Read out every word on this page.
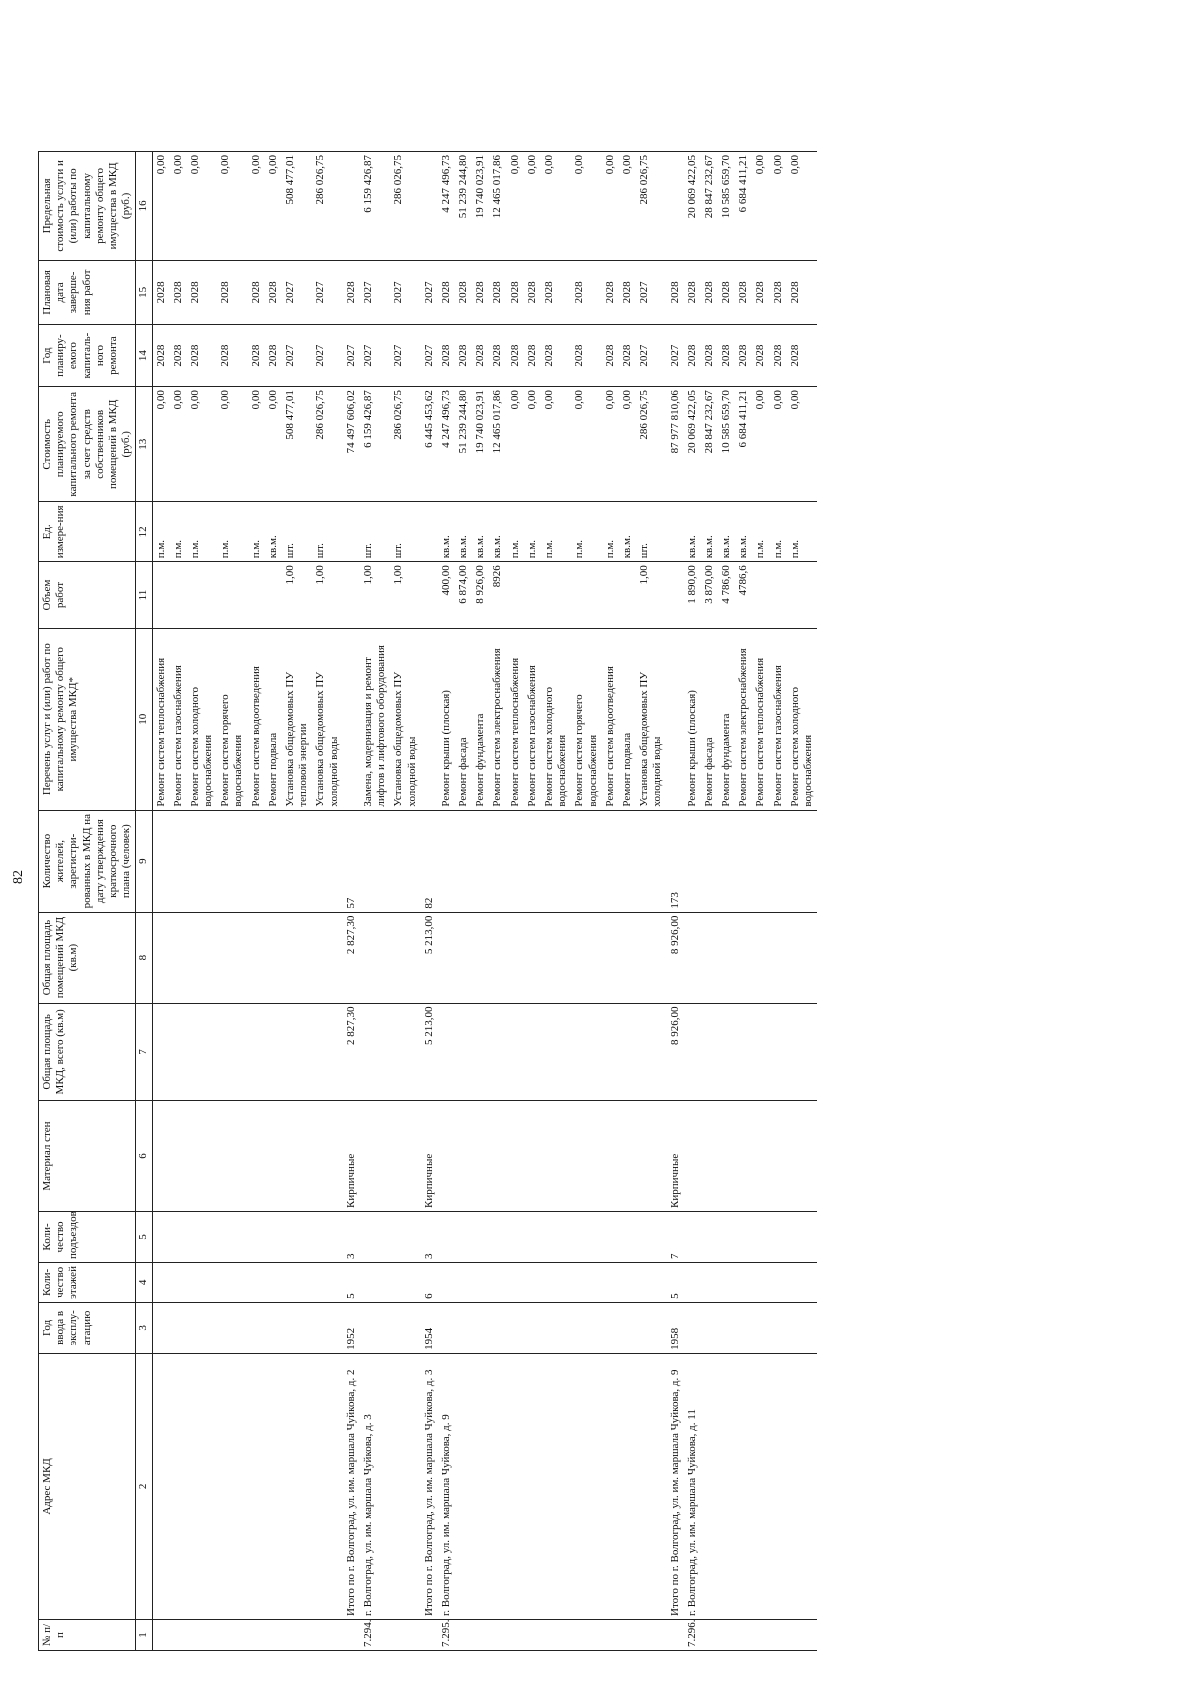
82
№ п/п	Адрес МКД	Год ввода в эксплу-атацию	Коли-чество этажей	Коли-чество подъездов	Материал стен	Общая площадь МКД, всего (кв.м)	Общая площадь помещений МКД (кв.м)	Количество жителей, зарегистри-рованных в МКД на дату утверждения краткосрочного плана (человек)	Перечень услуг и (или) работ по капитальному ремонту общего имущества МКД*	Объем работ	Ед. измере-ния	Стоимость планируемого капитального ремонта за счет средств собственников помещений в МКД (руб.)	Год планиру-емого капиталь-ного ремонта	Плановая дата заверше-ния работ	Предельная стоимость услуги и (или) работы по капитальному ремонту общего имущества в МКД (руб.)
1	2	3	4	5	6	7	8	9	10	11	12	13	14	15	16
									Ремонт систем теплоснабжения		п.м.	0,00	2028	2028	0,00
									Ремонт систем газоснабжения		п.м.	0,00	2028	2028	0,00
									Ремонт систем холодного водоснабжения		п.м.	0,00	2028	2028	0,00
									Ремонт систем горячего водоснабжения		п.м.	0,00	2028	2028	0,00
									Ремонт систем водоотведения		п.м.	0,00	2028	2028	0,00
									Ремонт подвала		кв.м.	0,00	2028	2028	0,00
									Установка общедомовых ПУ тепловой энергии	1,00	шт.	508 477,01	2027	2027	508 477,01
									Установка общедомовых ПУ холодной воды	1,00	шт.	286 026,75	2027	2027	286 026,75
	Итого по г. Волгоград, ул. им. маршала Чуйкова, д. 2	1952	5	3	Кирпичные	2 827,30	2 827,30	57				74 497 606,02	2027	2028	
7.294.	г. Волгоград, ул. им. маршала Чуйкова, д. 3								Замена, модернизация и ремонт лифтов и лифтового оборудования	1,00	шт.	6 159 426,87	2027	2027	6 159 426,87
									Установка общедомовых ПУ холодной воды	1,00	шт.	286 026,75	2027	2027	286 026,75
	Итого по г. Волгоград, ул. им. маршала Чуйкова, д. 3	1954	6	3	Кирпичные	5 213,00	5 213,00	82				6 445 453,62	2027	2027	
7.295.	г. Волгоград, ул. им. маршала Чуйкова, д. 9								Ремонт крыши (плоская)	400,00	кв.м.	4 247 496,73	2028	2028	4 247 496,73
									Ремонт фасада	6 874,00	кв.м.	51 239 244,80	2028	2028	51 239 244,80
									Ремонт фундамента	8 926,00	кв.м.	19 740 023,91	2028	2028	19 740 023,91
									Ремонт систем электроснабжения	8926	кв.м.	12 465 017,86	2028	2028	12 465 017,86
									Ремонт систем теплоснабжения		п.м.	0,00	2028	2028	0,00
									Ремонт систем газоснабжения		п.м.	0,00	2028	2028	0,00
									Ремонт систем холодного водоснабжения		п.м.	0,00	2028	2028	0,00
									Ремонт систем горячего водоснабжения		п.м.	0,00	2028	2028	0,00
									Ремонт систем водоотведения		п.м.	0,00	2028	2028	0,00
									Ремонт подвала		кв.м.	0,00	2028	2028	0,00
									Установка общедомовых ПУ холодной воды	1,00	шт.	286 026,75	2027	2027	286 026,75
	Итого по г. Волгоград, ул. им. маршала Чуйкова, д. 9	1958	5	7	Кирпичные	8 926,00	8 926,00	173				87 977 810,06	2027	2028	
7.296.	г. Волгоград, ул. им. маршала Чуйкова, д. 11								Ремонт крыши (плоская)	1 890,00	кв.м.	20 069 422,05	2028	2028	20 069 422,05
									Ремонт фасада	3 870,00	кв.м.	28 847 232,67	2028	2028	28 847 232,67
									Ремонт фундамента	4 786,60	кв.м.	10 585 659,70	2028	2028	10 585 659,70
									Ремонт систем электроснабжения	4786,6	кв.м.	6 684 411,21	2028	2028	6 684 411,21
									Ремонт систем теплоснабжения		п.м.	0,00	2028	2028	0,00
									Ремонт систем газоснабжения		п.м.	0,00	2028	2028	0,00
									Ремонт систем холодного водоснабжения		п.м.	0,00	2028	2028	0,00
